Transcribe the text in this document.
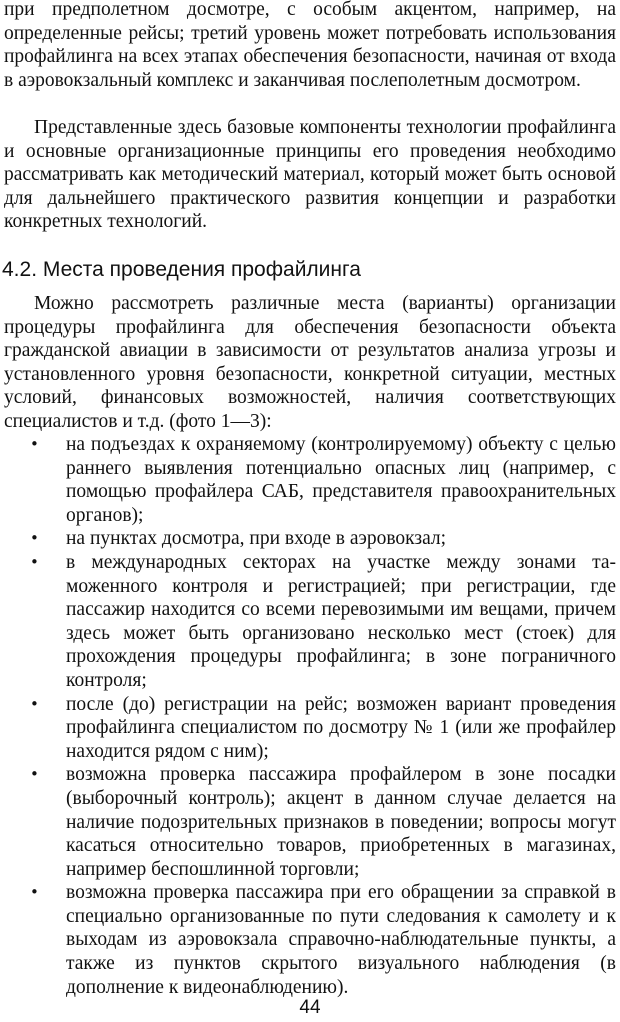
при предполетном досмотре, с особым акцентом, например, на определенные рейсы; третий уровень может потребовать использования профайлинга на всех этапах обеспечения безопасности, начиная от входа в аэровокзальный комплекс и заканчивая послеполетным досмотром.

Представленные здесь базовые компоненты технологии профайлинга и основные организационные принципы его проведения необходимо рассматривать как методический материал, который может быть основой для дальнейшего практического развития концепции и разработки конкретных технологий.

4.2. Места проведения профайлинга

Можно рассмотреть различные места (варианты) организации процедуры профайлинга для обеспечения безопасности объекта гражданской авиации в зависимости от результатов анализа угрозы и установленного уровня безопасности, конкретной ситуации, местных условий, финансовых возможностей, наличия соответствующих специалистов и т.д. (фото 1—3):

• на подъездах к охраняемому (контролируемому) объекту с целью раннего выявления потенциально опасных лиц (например, с помощью профайлера САБ, представителя правоохранительных органов);
• на пунктах досмотра, при входе в аэровокзал;
• в международных секторах на участке между зонами таможенного контроля и регистрацией; при регистрации, где пассажир находится со всеми перевозимыми им вещами, причем здесь может быть организовано несколько мест (стоек) для прохождения процедуры профайлинга; в зоне пограничного контроля;
• после (до) регистрации на рейс; возможен вариант проведения профайлинга специалистом по досмотру № 1 (или же профайлер находится рядом с ним);
• возможна проверка пассажира профайлером в зоне посадки (выборочный контроль); акцент в данном случае делается на наличие подозрительных признаков в поведении; вопросы могут касаться относительно товаров, приобретенных в магазинах, например беспошлинной торговли;
• возможна проверка пассажира при его обращении за справкой в специально организованные по пути следования к самолету и к выходам из аэровокзала справочно-наблюдательные пункты, а также из пунктов скрытого визуального наблюдения (в дополнение к видеонаблюдению).
44
